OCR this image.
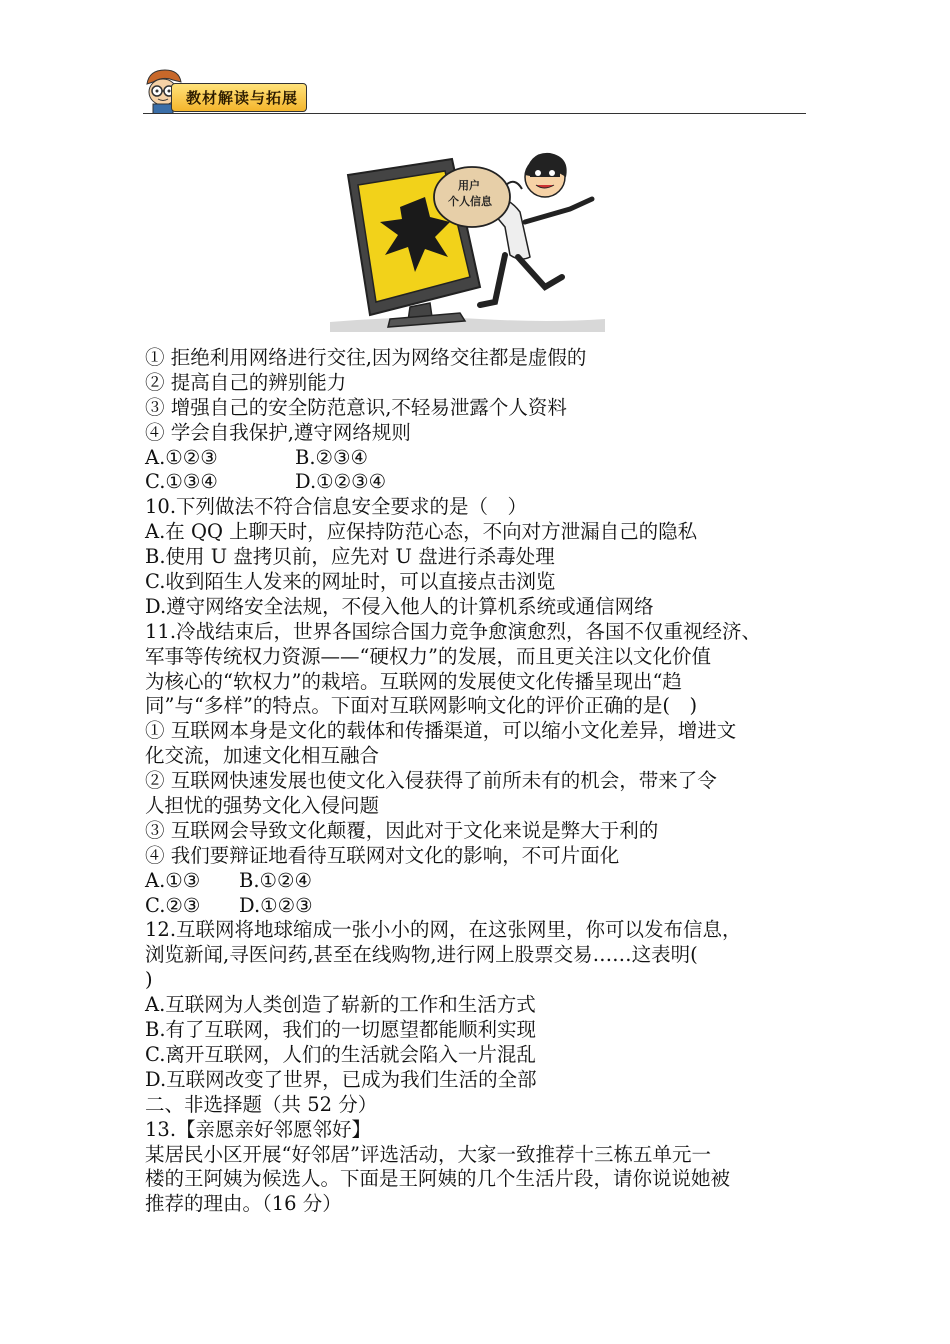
教材解读与拓展
用户
个人信息
① 拒绝利用网络进行交往,因为网络交往都是虚假的
② 提高自己的辨别能力
③ 增强自己的安全防范意识,不轻易泄露个人资料
④ 学会自我保护,遵守网络规则
A.①②③	B.②③④
C.①③④	D.①②③④
10.下列做法不符合信息安全要求的是（　）
A.在 QQ 上聊天时，应保持防范心态，不向对方泄漏自己的隐私
B.使用 U 盘拷贝前，应先对 U 盘进行杀毒处理
C.收到陌生人发来的网址时，可以直接点击浏览
D.遵守网络安全法规，不侵入他人的计算机系统或通信网络
11.冷战结束后，世界各国综合国力竞争愈演愈烈，各国不仅重视经济、
军事等传统权力资源——“硬权力”的发展，而且更关注以文化价值
为核心的“软权力”的栽培。互联网的发展使文化传播呈现出“趋
同”与“多样”的特点。下面对互联网影响文化的评价正确的是(　)
① 互联网本身是文化的载体和传播渠道，可以缩小文化差异，增进文
化交流，加速文化相互融合
② 互联网快速发展也使文化入侵获得了前所未有的机会，带来了令
人担忧的强势文化入侵问题
③ 互联网会导致文化颠覆，因此对于文化来说是弊大于利的
④ 我们要辩证地看待互联网对文化的影响，不可片面化
A.①③	B.①②④
C.②③	D.①②③
12.互联网将地球缩成一张小小的网，在这张网里，你可以发布信息，
浏览新闻,寻医问药,甚至在线购物,进行网上股票交易……这表明(
)
A.互联网为人类创造了崭新的工作和生活方式
B.有了互联网，我们的一切愿望都能顺利实现
C.离开互联网，人们的生活就会陷入一片混乱
D.互联网改变了世界，已成为我们生活的全部
二、非选择题（共 52 分）
13.【亲愿亲好邻愿邻好】
某居民小区开展“好邻居”评选活动，大家一致推荐十三栋五单元一
楼的王阿姨为候选人。下面是王阿姨的几个生活片段，请你说说她被
推荐的理由。（16 分）
